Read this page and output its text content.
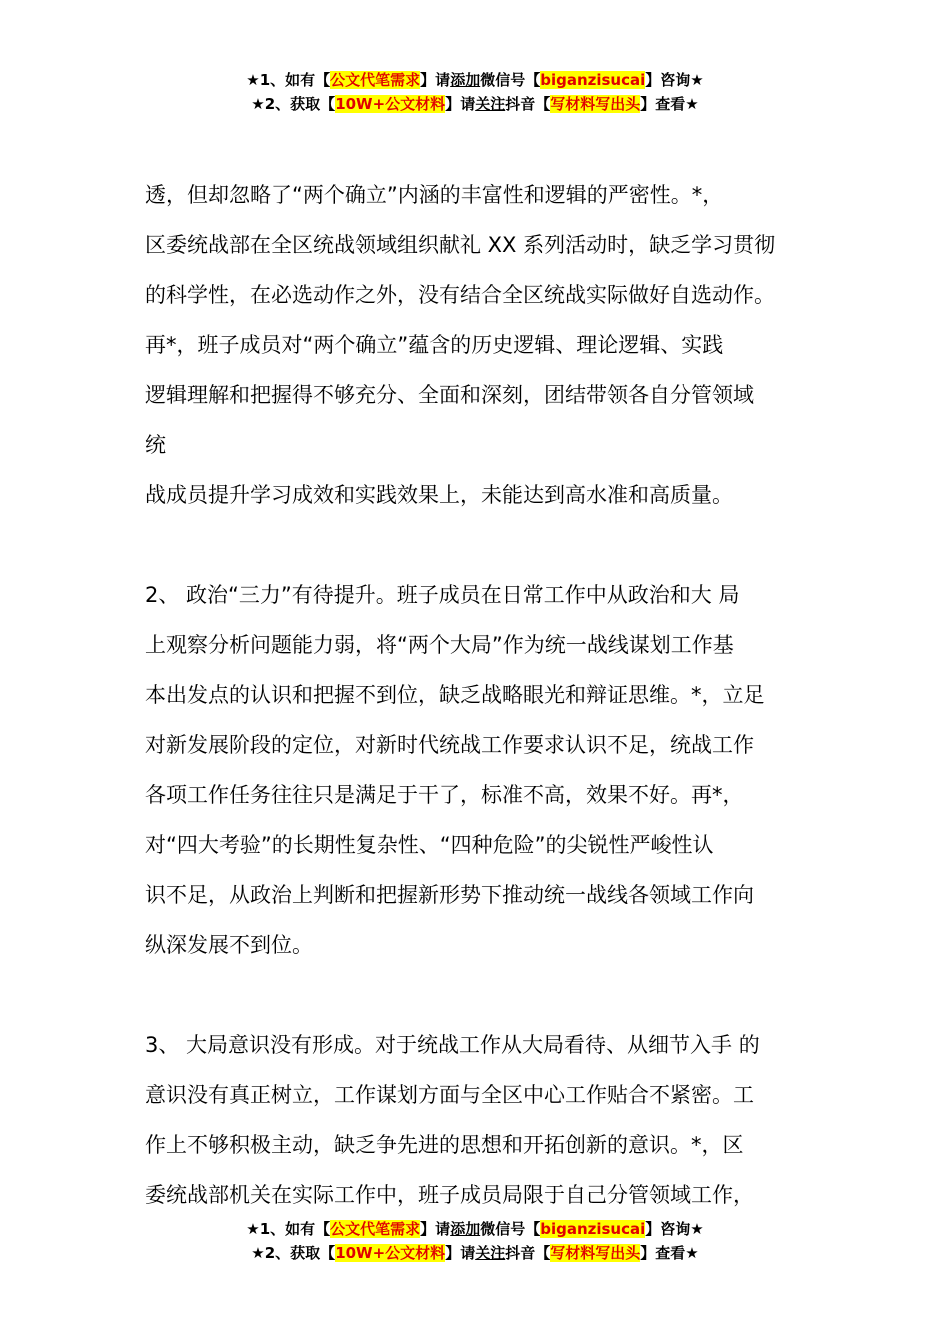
★1、如有【公文代笔需求】请添加微信号【biganzisucai】咨询★
★2、获取【10W+公文材料】请关注抖音【写材料写出头】查看★

透，但却忽略了“两个确立”内涵的丰富性和逻辑的严密性。*，

区委统战部在全区统战领域组织献礼 XX 系列活动时，缺乏学习贯彻

的科学性，在必选动作之外，没有结合全区统战实际做好自选动作。

再*，班子成员对“两个确立”蕴含的历史逻辑、理论逻辑、实践

逻辑理解和把握得不够充分、全面和深刻，团结带领各自分管领域

统

战成员提升学习成效和实践效果上，未能达到高水准和高质量。

2、 政治“三力”有待提升。班子成员在日常工作中从政治和大 局

上观察分析问题能力弱，将“两个大局”作为统一战线谋划工作基

本出发点的认识和把握不到位，缺乏战略眼光和辩证思维。*，立足

对新发展阶段的定位，对新时代统战工作要求认识不足，统战工作

各项工作任务往往只是满足于干了，标准不高，效果不好。再*，

对“四大考验”的长期性复杂性、“四种危险”的尖锐性严峻性认

识不足，从政治上判断和把握新形势下推动统一战线各领域工作向

纵深发展不到位。

3、 大局意识没有形成。对于统战工作从大局看待、从细节入手 的

意识没有真正树立，工作谋划方面与全区中心工作贴合不紧密。工

作上不够积极主动，缺乏争先进的思想和开拓创新的意识。*，区

委统战部机关在实际工作中，班子成员局限于自己分管领域工作，

★1、如有【公文代笔需求】请添加微信号【biganzisucai】咨询★
★2、获取【10W+公文材料】请关注抖音【写材料写出头】查看★
